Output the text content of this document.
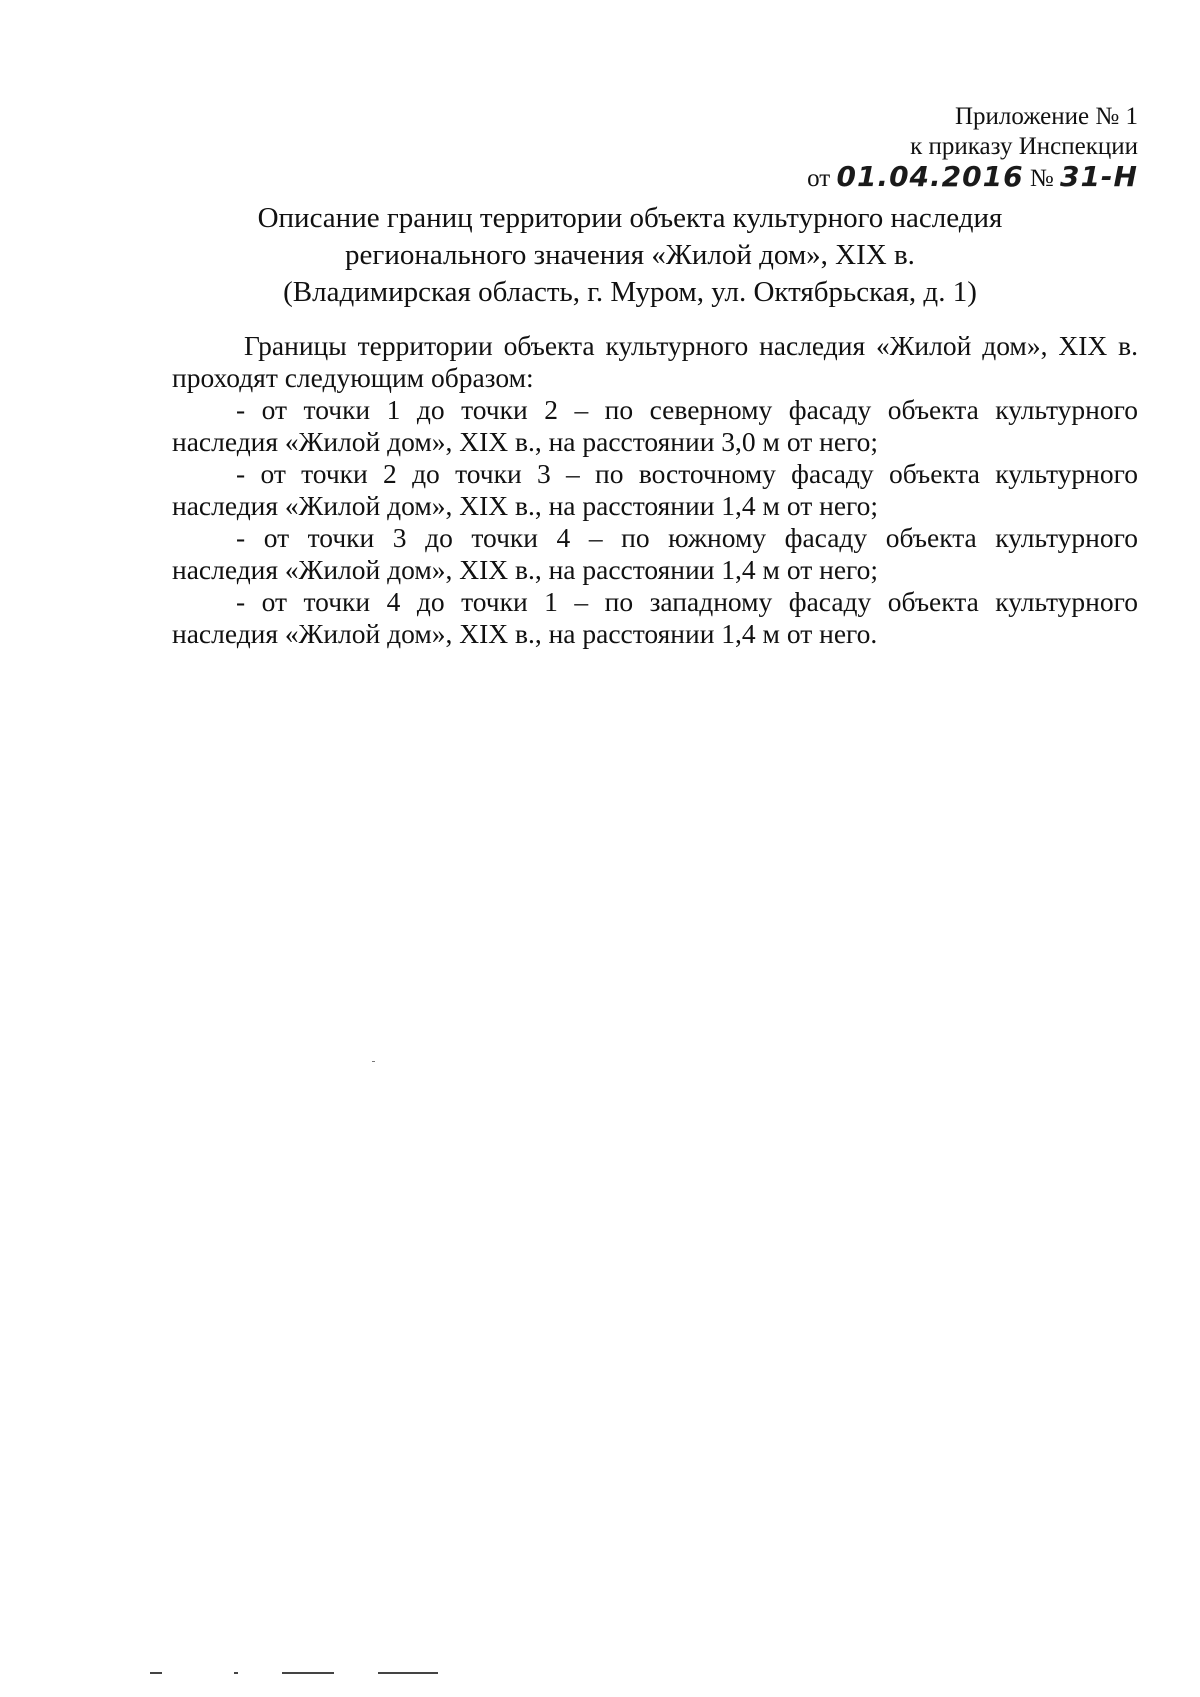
Приложение № 1
к приказу Инспекции
от 01.04.2016 № 31-Н
Описание границ территории объекта культурного наследия
регионального значения «Жилой дом», XIX в.
(Владимирская область, г. Муром, ул. Октябрьская, д. 1)

Границы территории объекта культурного наследия «Жилой дом», XIX в.
проходят следующим образом:

- от точки 1 до точки 2 – по северному фасаду объекта культурного
наследия «Жилой дом», XIX в., на расстоянии 3,0 м от него;

- от точки 2 до точки 3 – по восточному фасаду объекта культурного
наследия «Жилой дом», XIX в., на расстоянии 1,4 м от него;

- от точки 3 до точки 4 – по южному фасаду объекта культурного
наследия «Жилой дом», XIX в., на расстоянии 1,4 м от него;

- от точки 4 до точки 1 – по западному фасаду объекта культурного
наследия «Жилой дом», XIX в., на расстоянии 1,4 м от него.
